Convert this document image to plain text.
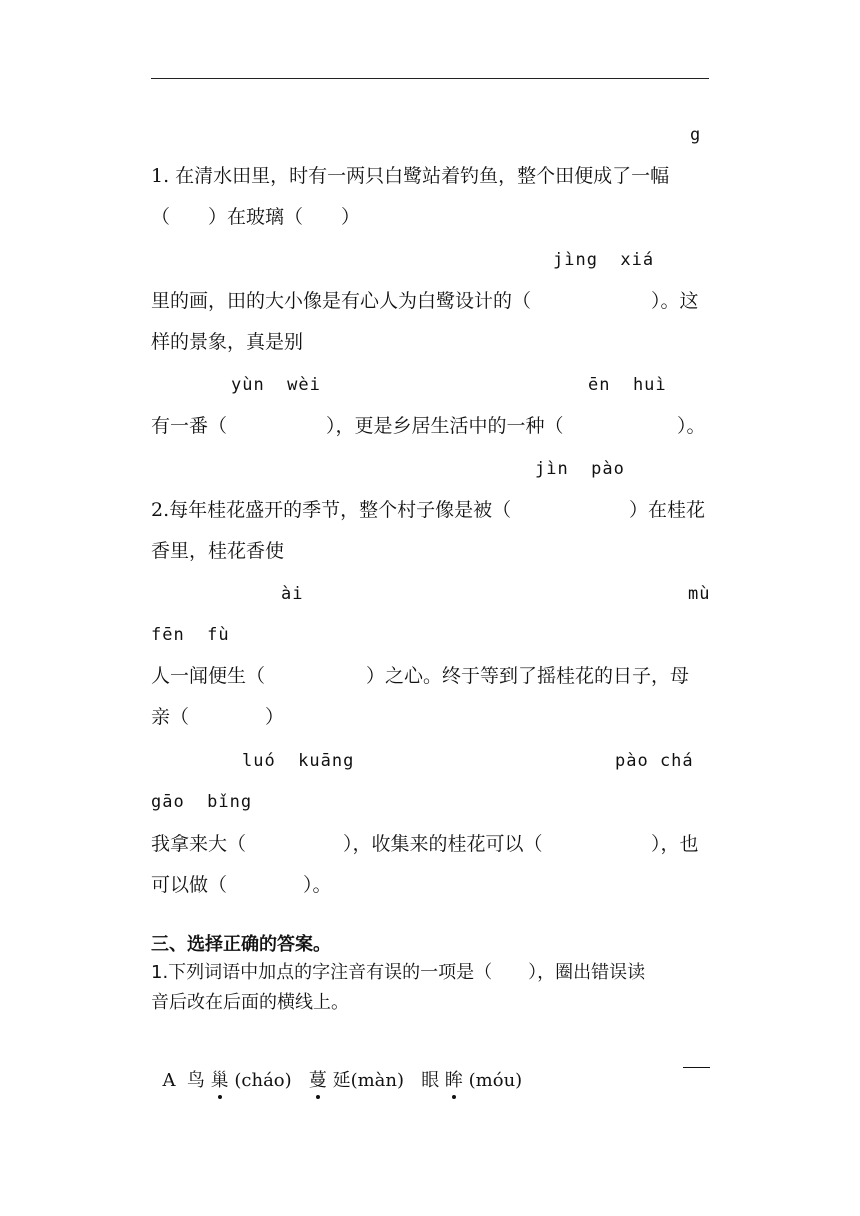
g
1. 在清水田里，时有一两只白鹭站着钓鱼，整个田便成了一幅
（　　）在玻璃（　　）
jìng  xiá
里的画，田的大小像是有心人为白鹭设计的（	）。这
样的景象，真是别
yùn  wèi	ēn  huì
有一番（	），更是乡居生活中的一种（	）。
jìn  pào
2.每年桂花盛开的季节，整个村子像是被（	）在桂花
香里，桂花香使
ài	mù
fēn  fù
人一闻便生（	）之心。终于等到了摇桂花的日子，母
亲（　　　　）
luó  kuāng	pào chá
gāo  bǐng
我拿来大（	），收集来的桂花可以（	），也
可以做（　　　　）。
三、选择正确的答案。
1.下列词语中加点的字注音有误的一项是（　　），圈出错误读
音后改在后面的横线上。

A 鸟 巢 (cháo) 蔓 延(màn) 眼 眸 (móu)
